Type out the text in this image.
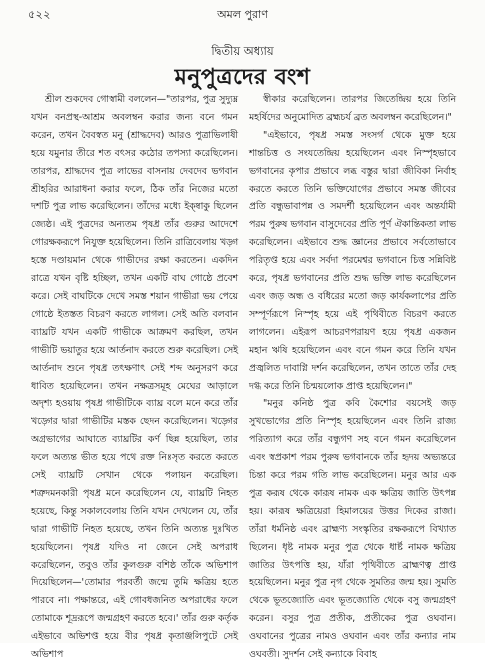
৫২২	অমল পুরাণ
দ্বিতীয় অধ্যায়
মনুপুত্রদের বংশ

শ্রীল শুকদেব গোস্বামী বললেন—"তারপর, পুত্র সুদ্যুম্ন যখন বনপ্রস্থ-আশ্রম অবলম্বন করার জন্য বনে গমন করেন, তখন বৈবস্বত মনু (শ্রাদ্ধদেব) আরও পুত্রাভিলাষী হয়ে যমুনার তীরে শত বৎসর কঠোর তপস্যা করেছিলেন। তারপর, শ্রাদ্ধদেব পুত্র লাভের বাসনায় দেবদেব ভগবান শ্রীহরির আরাধনা করার ফলে, ঠিক তাঁর নিজের মতো দশটি পুত্র লাভ করেছিলেন। তাঁদের মধ্যে ইক্ষ্বাকু ছিলেন জ্যেষ্ঠ। এই পুত্রদের অন্যতম পৃষধ্র তাঁর গুরুর আদেশে গোরক্ষকরূপে নিযুক্ত হয়েছিলেন। তিনি রাত্রিবেলায় খড়্গ হস্তে দণ্ডায়মান থেকে গাভীদের রক্ষা করতেন। একদিন রাত্রে যখন বৃষ্টি হচ্ছিল, তখন একটি বাঘ গোষ্ঠে প্রবেশ করে। সেই বাঘটিকে দেখে সমস্ত শয়ান গাভীরা ভয় পেয়ে গোষ্ঠে ইতস্তত বিচরণ করতে লাগল। সেই অতি বলবান ব্যাঘ্রটি যখন একটি গাভীকে আক্রমণ করছিল, তখন গাভীটি ভয়াতুর হয়ে আর্তনাদ করতে শুরু করেছিল। সেই আর্তনাদ শুনে পৃষধ্র তৎক্ষণাৎ সেই শব্দ অনুসরণ করে ধাবিত হয়েছিলেন। তখন নক্ষত্রসমূহ মেঘের আড়ালে অদৃশ্য হওয়ায় পৃষধ্র গাভীটিকে ব্যাঘ্র বলে মনে করে তাঁর খড়্গের দ্বারা গাভীটির মস্তক ছেদন করেছিলেন। খড়্গের অগ্রভাগের আঘাতে ব্যাঘ্রটির কর্ণ ছিন্ন হয়েছিল, তার ফলে অত্যন্ত ভীত হয়ে পথে রক্ত নিঃসৃত করতে করতে সেই ব্যাঘ্রটি সেখান থেকে পলায়ন করেছিল। শত্রুদমনকারী পৃষধ্র মনে করেছিলেন যে, ব্যাঘ্রটি নিহত হয়েছে, কিন্তু সকালবেলায় তিনি যখন দেখলেন যে, তাঁর দ্বারা গাভীটি নিহত হয়েছে, তখন তিনি অত্যন্ত দুঃখিত হয়েছিলেন। পৃষধ্র যদিও না জেনে সেই অপরাধ করেছিলেন, তবুও তাঁর কুলগুরু বশিষ্ঠ তাঁকে অভিশাপ দিয়েছিলেন—'তোমার পরবর্তী জন্মে তুমি ক্ষত্রিয় হতে পারবে না। পক্ষান্তরে, এই গোবধজনিত অপরাধের ফলে তোমাকে শূদ্ররূপে জন্মগ্রহণ করতে হবে।' তাঁর গুরু কর্তৃক এইভাবে অভিশপ্ত হয়ে বীর পৃষধ্র কৃতাঞ্জলিপুটে সেই অভিশাপ

স্বীকার করেছিলেন। তারপর জিতেন্দ্রিয় হয়ে তিনি মহর্ষিদের অনুমোদিত ব্রহ্মচর্য ব্রত অবলম্বন করেছিলেন।"

"এইভাবে, পৃষধ্র সমস্ত সংসর্গ থেকে মুক্ত হয়ে শান্তচিত্ত ও সংযতেন্দ্রিয় হয়েছিলেন এবং নিস্পৃহভাবে ভগবানের কৃপার প্রভাবে লব্ধ বস্তুর দ্বারা জীবিকা নির্বাহ করতে করতে তিনি ভক্তিযোগের প্রভাবে সমস্ত জীবের প্রতি বন্ধুভাবাপন্ন ও সমদর্শী হয়েছিলেন এবং অন্তর্যামী পরম পুরুষ ভগবান বাসুদেবের প্রতি পূর্ণ ঐকান্তিকতা লাভ করেছিলেন। এইভাবে শুদ্ধ জ্ঞানের প্রভাবে সর্বতোভাবে পরিতৃপ্ত হয়ে এবং সর্বদা পরমেশ্বর ভগবানে চিত্ত সন্নিবিষ্ট করে, পৃষধ্র ভগবানের প্রতি শুদ্ধ ভক্তি লাভ করেছিলেন এবং জড় অন্ধ ও বধিরের মতো জড় কার্যকলাপের প্রতি সম্পূর্ণরূপে নিস্পৃহ হয়ে এই পৃথিবীতে বিচরণ করতে লাগলেন। এইরূপ আচরণপরায়ণ হয়ে পৃষধ্র একজন মহান ঋষি হয়েছিলেন এবং বনে গমন করে তিনি যখন প্রজ্বলিত দাবাগ্নি দর্শন করেছিলেন, তখন তাতে তাঁর দেহ দগ্ধ করে তিনি চিন্ময়লোক প্রাপ্ত হয়েছিলেন।"

"মনুর কনিষ্ঠ পুত্র কবি কৈশোর বয়সেই জড় সুখভোগের প্রতি নিস্পৃহ হয়েছিলেন এবং তিনি রাজ্য পরিত্যাগ করে তাঁর বন্ধুগণ সহ বনে গমন করেছিলেন এবং স্বপ্রকাশ পরম পুরুষ ভগবানকে তাঁর হৃদয় অভ্যন্তরে চিন্তা করে পরম গতি লাভ করেছিলেন। মনুর আর এক পুত্র করূষ থেকে কারূষ নামক এক ক্ষত্রিয় জাতি উৎপন্ন হয়। কারূষ ক্ষত্রিয়েরা হিমালয়ের উত্তর দিকের রাজা। তাঁরা ধর্মনিষ্ঠ এবং ব্রাহ্মণ্য সংস্কৃতির রক্ষকরূপে বিখ্যাত ছিলেন। ধৃষ্ট নামক মনুর পুত্র থেকে ধার্ষ্ট নামক ক্ষত্রিয় জাতির উৎপত্তি হয়, যাঁরা পৃথিবীতে ব্রাহ্মণত্ব প্রাপ্ত হয়েছিলেন। মনুর পুত্র নৃগ থেকে সুমতির জন্ম হয়। সুমতি থেকে ভূতজ্যোতি এবং ভূতজ্যোতি থেকে বসু জন্মগ্রহণ করেন। বসুর পুত্র প্রতীক, প্রতীকের পুত্র ওঘবান। ওঘবানের পুত্রের নামও ওঘবান এবং তাঁর কন্যার নাম ওঘবতী। সুদর্শন সেই কন্যাকে বিবাহ
